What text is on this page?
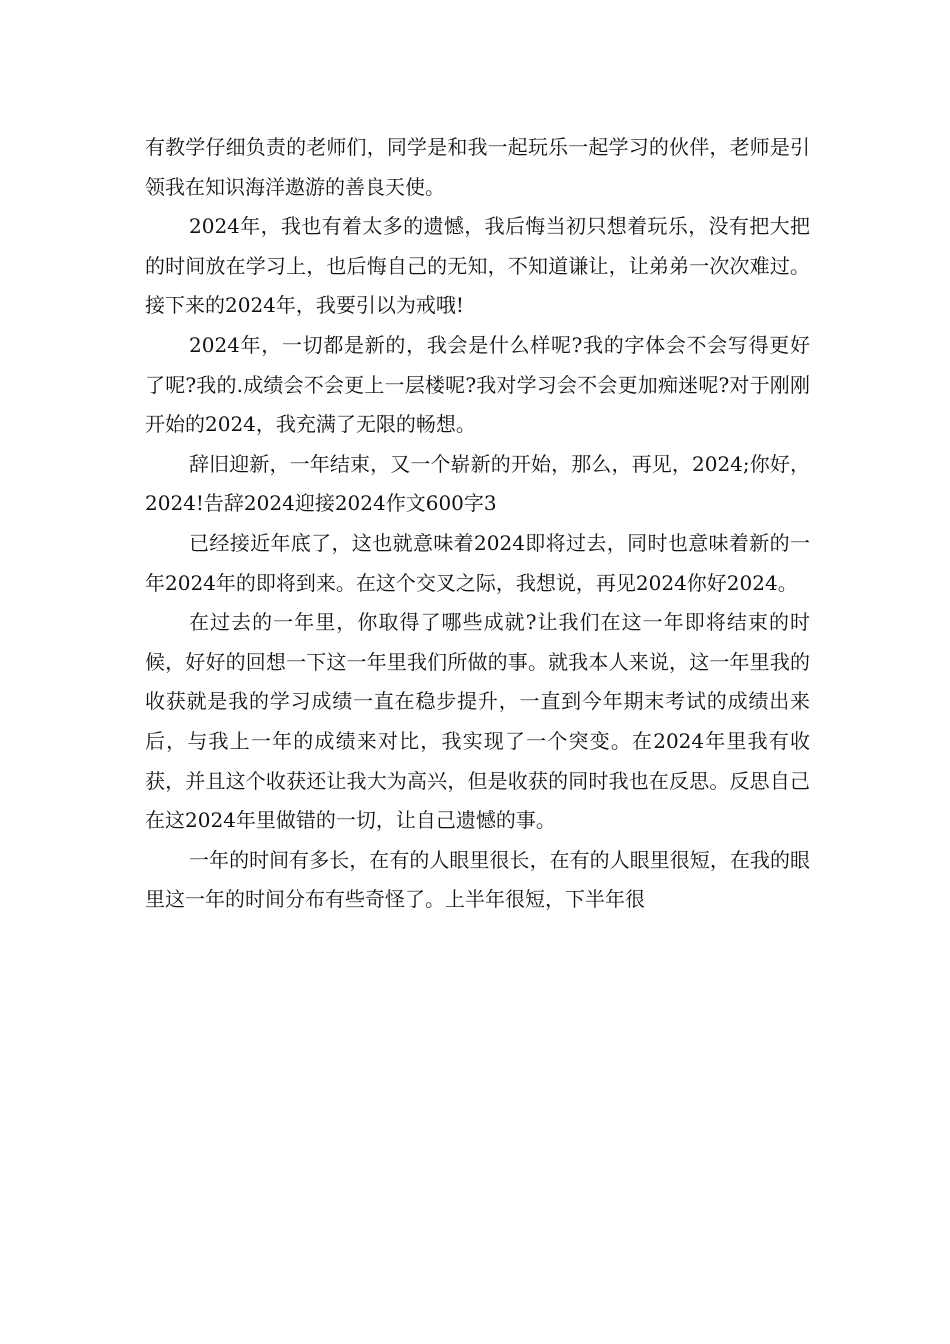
有教学仔细负责的老师们，同学是和我一起玩乐一起学习的伙伴，老师是引领我在知识海洋遨游的善良天使。

2024年，我也有着太多的遗憾，我后悔当初只想着玩乐，没有把大把的时间放在学习上，也后悔自己的无知，不知道谦让，让弟弟一次次难过。接下来的2024年，我要引以为戒哦!

2024年，一切都是新的，我会是什么样呢?我的字体会不会写得更好了呢?我的.成绩会不会更上一层楼呢?我对学习会不会更加痴迷呢?对于刚刚开始的2024，我充满了无限的畅想。

辞旧迎新，一年结束，又一个崭新的开始，那么，再见，2024;你好，2024!告辞2024迎接2024作文600字3

已经接近年底了，这也就意味着2024即将过去，同时也意味着新的一年2024年的即将到来。在这个交叉之际，我想说，再见2024你好2024。

在过去的一年里，你取得了哪些成就?让我们在这一年即将结束的时候，好好的回想一下这一年里我们所做的事。就我本人来说，这一年里我的收获就是我的学习成绩一直在稳步提升，一直到今年期末考试的成绩出来后，与我上一年的成绩来对比，我实现了一个突变。在2024年里我有收获，并且这个收获还让我大为高兴，但是收获的同时我也在反思。反思自己在这2024年里做错的一切，让自己遗憾的事。

一年的时间有多长，在有的人眼里很长，在有的人眼里很短，在我的眼里这一年的时间分布有些奇怪了。上半年很短，下半年很
